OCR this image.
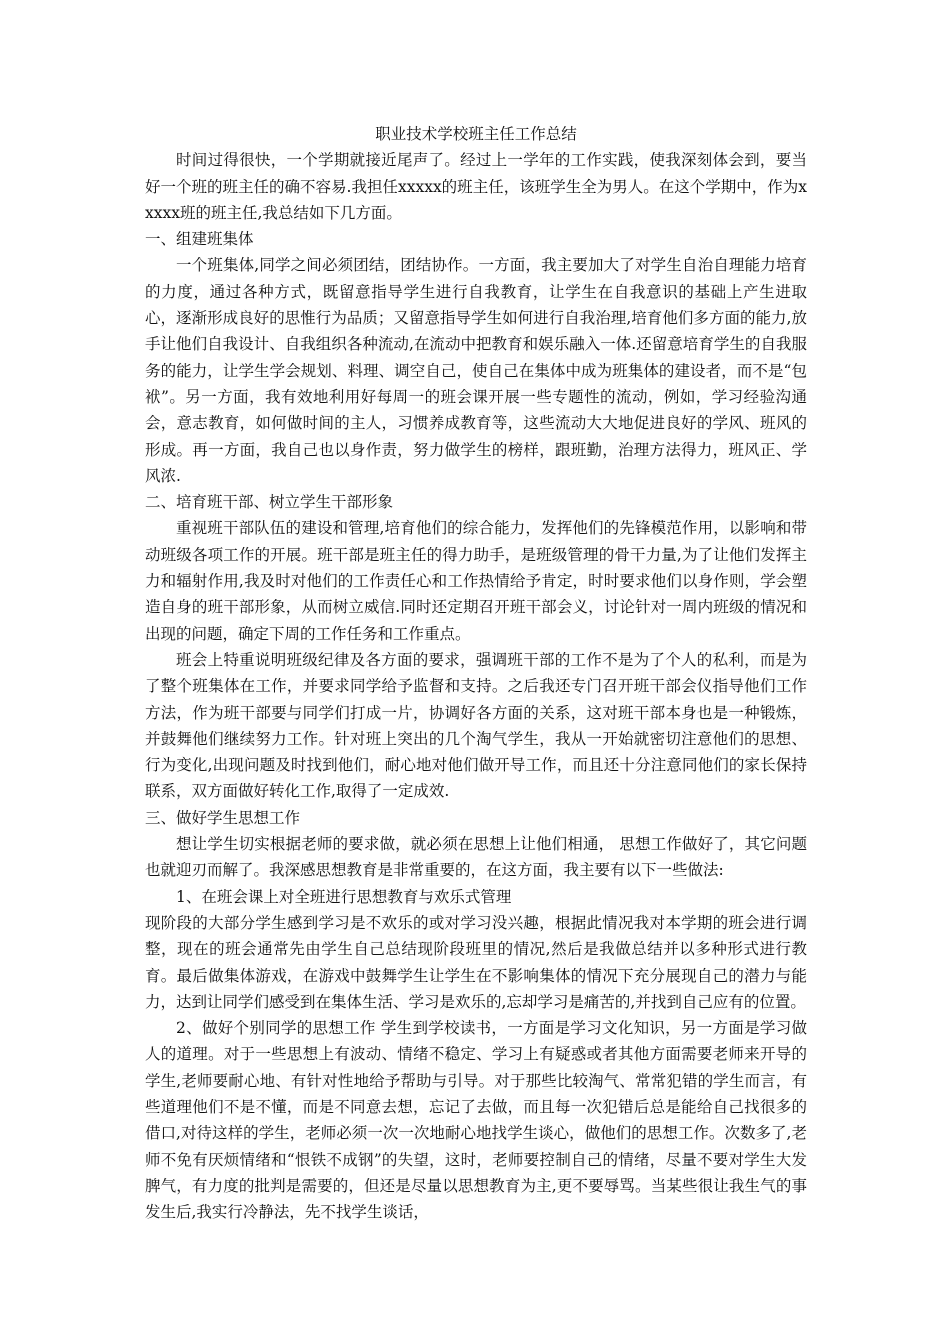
职业技术学校班主任工作总结

时间过得很快，一个学期就接近尾声了。经过上一学年的工作实践，使我深刻体会到，要当好一个班的班主任的确不容易.我担任xxxxx的班主任，该班学生全为男人。在这个学期中，作为xxxxx班的班主任,我总结如下几方面。

一、组建班集体

一个班集体,同学之间必须团结，团结协作。一方面，我主要加大了对学生自治自理能力培育的力度，通过各种方式，既留意指导学生进行自我教育，让学生在自我意识的基础上产生进取心，逐渐形成良好的思惟行为品质；又留意指导学生如何进行自我治理,培育他们多方面的能力,放手让他们自我设计、自我组织各种流动,在流动中把教育和娱乐融入一体.还留意培育学生的自我服务的能力，让学生学会规划、料理、调空自己，使自己在集体中成为班集体的建设者，而不是“包袱”。另一方面，我有效地利用好每周一的班会课开展一些专题性的流动，例如，学习经验沟通会，意志教育，如何做时间的主人，习惯养成教育等，这些流动大大地促进良好的学风、班风的形成。再一方面，我自己也以身作责，努力做学生的榜样，跟班勤，治理方法得力，班风正、学风浓.

二、培育班干部、树立学生干部形象

重视班干部队伍的建设和管理,培育他们的综合能力，发挥他们的先锋模范作用，以影响和带动班级各项工作的开展。班干部是班主任的得力助手，是班级管理的骨干力量,为了让他们发挥主力和辐射作用,我及时对他们的工作责任心和工作热情给予肯定，时时要求他们以身作则，学会塑造自身的班干部形象，从而树立威信.同时还定期召开班干部会义，讨论针对一周内班级的情况和出现的问题，确定下周的工作任务和工作重点。

班会上特重说明班级纪律及各方面的要求，强调班干部的工作不是为了个人的私利，而是为了整个班集体在工作，并要求同学给予监督和支持。之后我还专门召开班干部会仪指导他们工作方法，作为班干部要与同学们打成一片，协调好各方面的关系，这对班干部本身也是一种锻炼，并鼓舞他们继续努力工作。针对班上突出的几个淘气学生，我从一开始就密切注意他们的思想、行为变化,出现问题及时找到他们，耐心地对他们做开导工作，而且还十分注意同他们的家长保持联系，双方面做好转化工作,取得了一定成效.

三、做好学生思想工作

想让学生切实根据老师的要求做，就必须在思想上让他们相通， 思想工作做好了，其它问题也就迎刃而解了。我深感思想教育是非常重要的，在这方面，我主要有以下一些做法:

1、在班会课上对全班进行思想教育与欢乐式管理

现阶段的大部分学生感到学习是不欢乐的或对学习没兴趣，根据此情况我对本学期的班会进行调整，现在的班会通常先由学生自己总结现阶段班里的情况,然后是我做总结并以多种形式进行教育。最后做集体游戏，在游戏中鼓舞学生让学生在不影响集体的情况下充分展现自己的潜力与能力，达到让同学们感受到在集体生活、学习是欢乐的,忘却学习是痛苦的,并找到自己应有的位置。

2、做好个别同学的思想工作 学生到学校读书，一方面是学习文化知识，另一方面是学习做人的道理。对于一些思想上有波动、情绪不稳定、学习上有疑惑或者其他方面需要老师来开导的学生,老师要耐心地、有针对性地给予帮助与引导。对于那些比较淘气、常常犯错的学生而言，有些道理他们不是不懂，而是不同意去想，忘记了去做，而且每一次犯错后总是能给自己找很多的借口,对待这样的学生，老师必须一次一次地耐心地找学生谈心，做他们的思想工作。次数多了,老师不免有厌烦情绪和“恨铁不成钢”的失望，这时，老师要控制自己的情绪，尽量不要对学生大发脾气，有力度的批判是需要的，但还是尽量以思想教育为主,更不要辱骂。当某些很让我生气的事发生后,我实行冷静法，先不找学生谈话，
